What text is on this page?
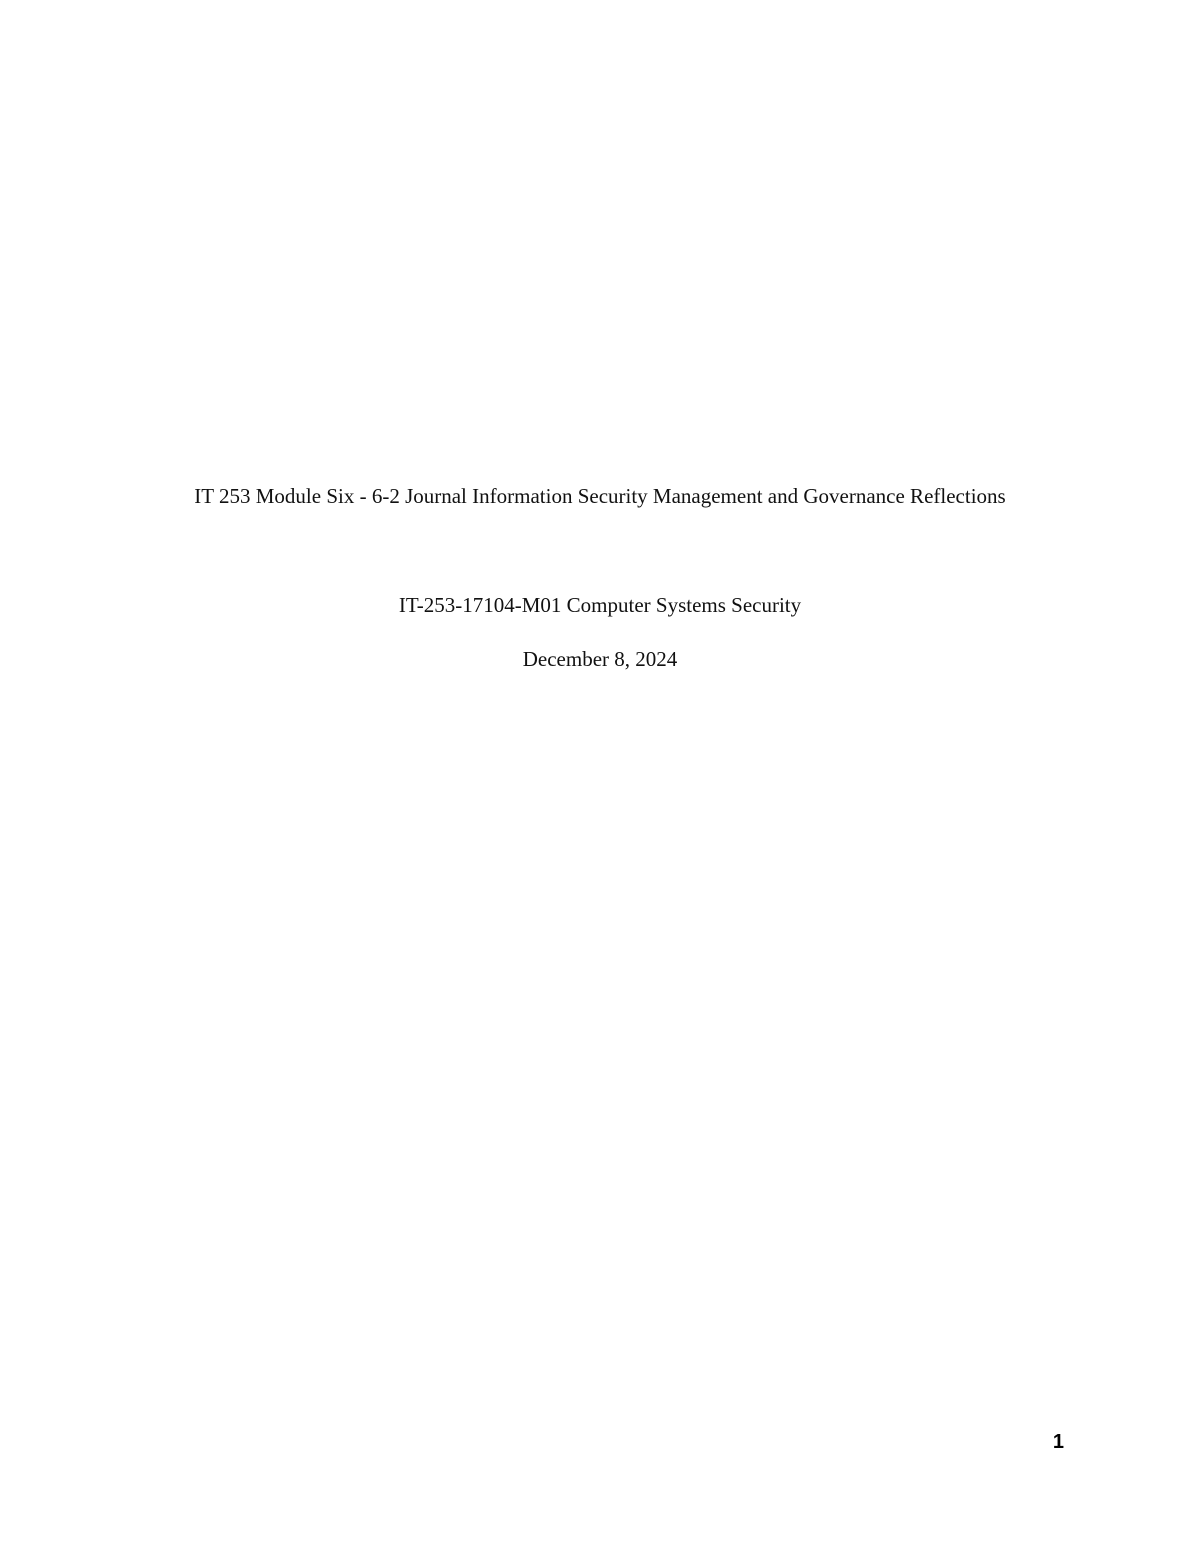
IT 253 Module Six - 6-2 Journal Information Security Management and Governance Reflections
IT-253-17104-M01 Computer Systems Security
December 8, 2024
1
